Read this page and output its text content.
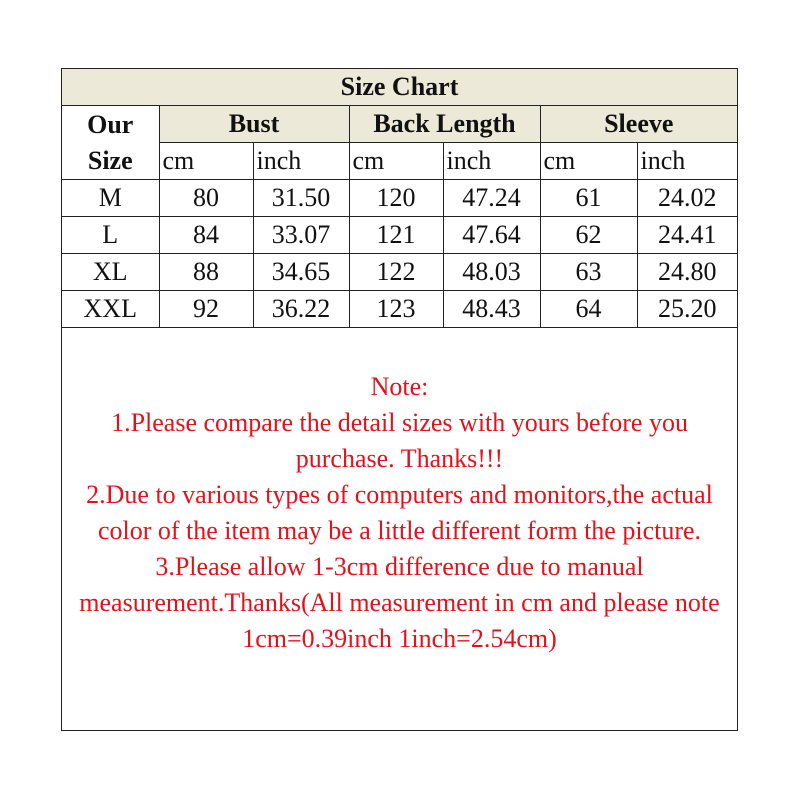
Size Chart						

Our
Size	Bust		Back Length		Sleeve	
	cm	inch	cm	inch	cm	inch
M	80	31.50	120	47.24	61	24.02
L	84	33.07	121	47.64	62	24.41
XL	88	34.65	122	48.03	63	24.80
XXL	92	36.22	123	48.43	64	25.20

Note:

1.Please compare the detail sizes with yours before you purchase. Thanks!!!

2.Due to various types of computers and monitors,the actual color of the item may be a little different form the picture.

3.Please allow 1-3cm difference due to manual measurement.Thanks(All measurement in cm and please note 1cm=0.39inch 1inch=2.54cm)
